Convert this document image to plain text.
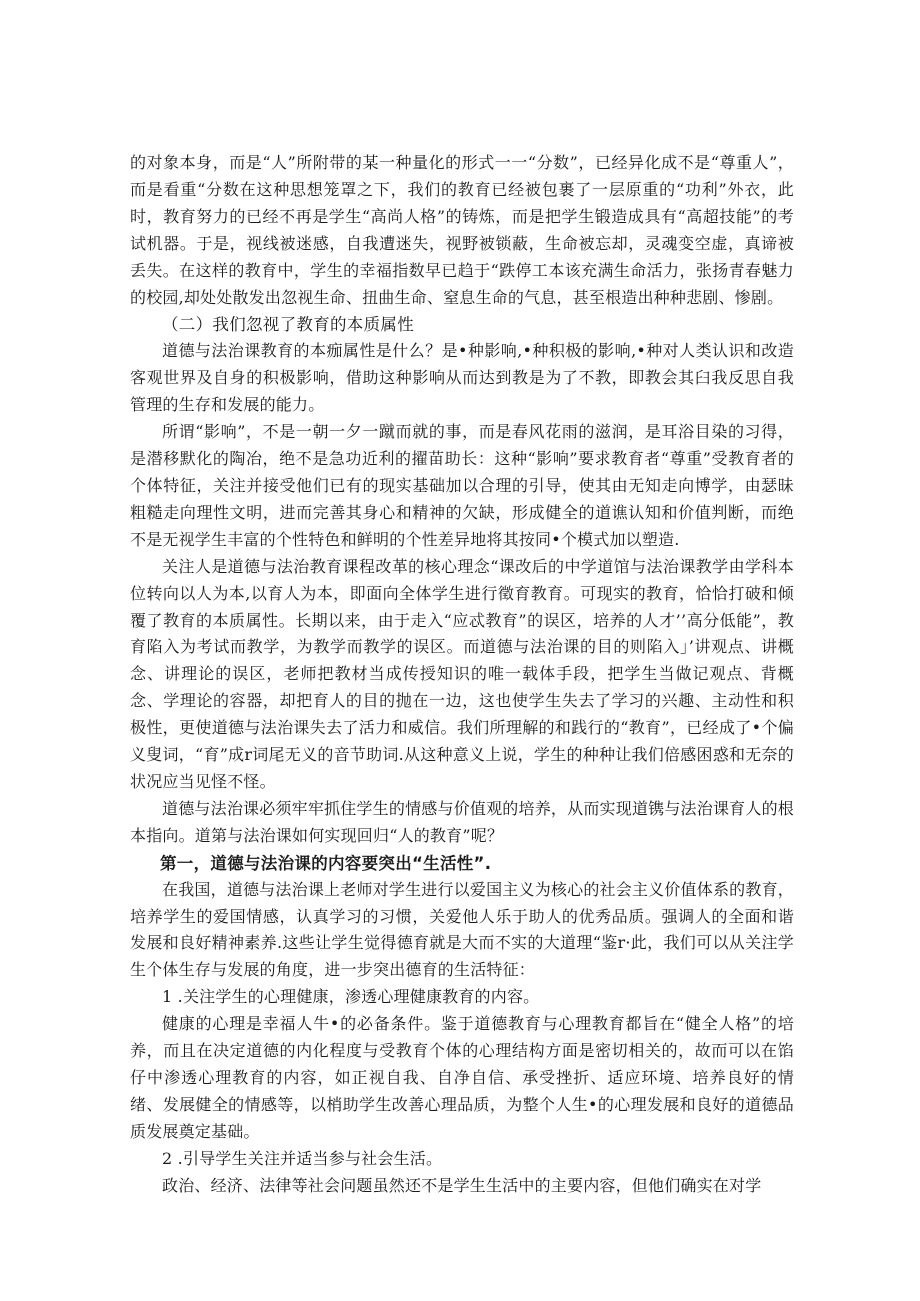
的对象本身，而是“人”所附带的某一种量化的形式一一“分数”，已经异化成不是“尊重人”，而是看重“分数在这种思想笼罩之下，我们的教育已经被包裹了一层原重的“功利”外衣，此时，教育努力的已经不再是学生“高尚人格”的铸炼，而是把学生锻造成具有“高超技能”的考试机器。于是，视线被迷感，自我遭迷失，视野被锁蔽，生命被忘却，灵魂变空虚，真谛被丢失。在这样的教育中，学生的幸福指数早已趋于“跌停工本该充满生命活力，张扬青春魅力的校园,却处处散发出忽视生命、扭曲生命、窒息生命的气息，甚至根造出种种悲剧、惨剧。

（二）我们忽视了教育的本质属性

道德与法治课教育的本痂属性是什么？是•种影响,•种积极的影响,•种对人类认识和改造客观世界及自身的积极影响，借助这种影响从而达到教是为了不教，即教会其臼我反思自我管理的生存和发展的能力。

所谓“影响”，不是一朝一夕一蹴而就的事，而是春风花雨的滋润，是耳浴目染的习得，是潜移默化的陶冶，绝不是急功近利的擢苗助长：这种“影响”要求教育者“尊重”受教育者的个体特征，关注并接受他们已有的现实基础加以合理的引导，使其由无知走向博学，由瑟昧粗糙走向理性文明，进而完善其身心和精神的欠缺，形成健全的道谯认知和价值判断，而绝不是无视学生丰富的个性特色和鲜明的个性差异地将其按同•个模式加以塑造.

关注人是道德与法治教育课程改革的核心理念“课改后的中学道馆与法治课教学由学科本位转向以人为本,以育人为本，即面向全体学生进行徵育教育。可现实的教育，恰恰打破和倾覆了教育的本质属性。长期以来，由于走入“应忒教育”的误区，培养的人才’’高分低能”，教育陷入为考试而教学，为教学而教学的误区。而道德与法治课的目的则陷入」’讲观点、讲概念、讲理论的误区，老师把教材当成传授知识的唯一载体手段，把学生当做记观点、背概念、学理论的容器，却把育人的目的抛在一边，这也使学生失去了学习的兴趣、主动性和积极性，更使道德与法治课失去了活力和威信。我们所理解的和践行的“教育”，已经成了•个偏义叟词，“育”成r词尾无义的音节助词.从这种意义上说，学生的种种让我们倍感困惑和无奈的状况应当见怪不怪。

道德与法治课必须牢牢抓住学生的情感与价值观的培养，从而实现道镌与法治课育人的根本指向。道第与法治课如何实现回归“人的教育”呢？

第一，道德与法治课的内容要突出“生活性”.

在我国，道德与法治课上老师对学生进行以爱国主义为核心的社会主义价值体系的教育，培养学生的爱国情感，认真学习的习惯，关爱他人乐于助人的优秀品质。强调人的全面和谐发展和良好精神素养.这些让学生觉得德育就是大而不实的大道理“鉴r·此，我们可以从关注学生个体生存与发展的角度，进一步突出德育的生活特征：

1 .关注学生的心理健康，渗透心理健康教育的内容。

健康的心理是幸福人牛•的必备条件。鉴于道德教育与心理教育都旨在“健全人格”的培养，而且在决定道德的内化程度与受教育个体的心理结构方面是密切相关的，故而可以在馅仔中渗透心理教育的内容，如正视自我、自净自信、承受挫折、适应环境、培养良好的情绪、发展健全的情感等，以梢助学生改善心理品质，为整个人生•的心理发展和良好的道德品质发展奠定基础。

2 .引导学生关注并适当参与社会生活。

政治、经济、法律等社会问题虽然还不是学生生活中的主要内容，但他们确实在对学
